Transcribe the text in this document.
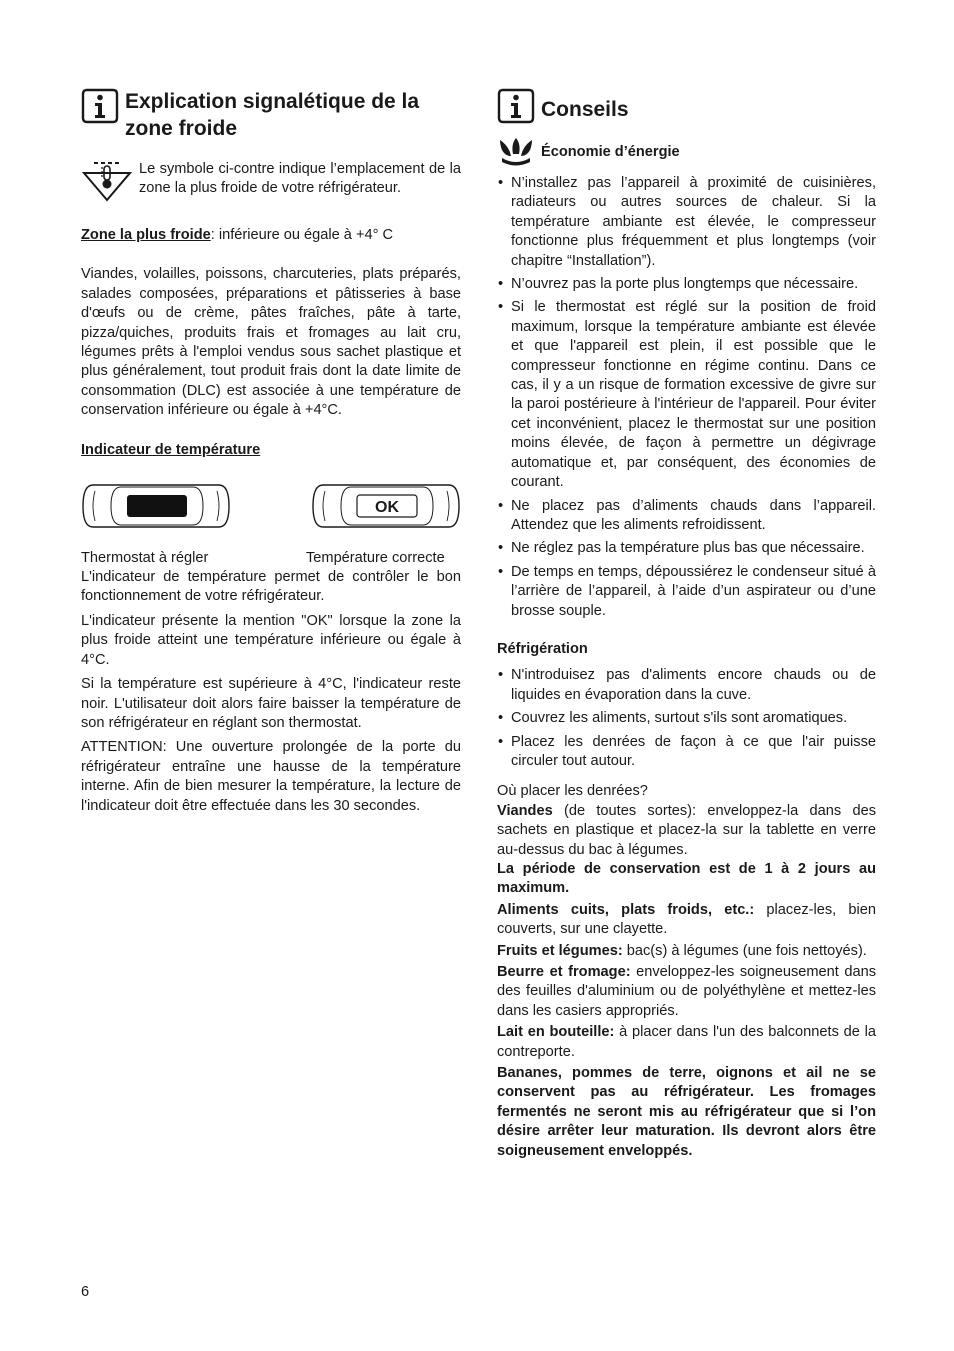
Explication signalétique de la zone froide

Le symbole ci-contre indique l’emplacement de la zone la plus froide de votre réfrigérateur.

Zone la plus froide: inférieure ou égale à +4° C

Viandes, volailles, poissons, charcuteries, plats préparés, salades composées, préparations et pâtisseries à base d'œufs ou de crème, pâtes fraîches, pâte à tarte, pizza/quiches, produits frais et fromages au lait cru, légumes prêts à l'emploi vendus sous sachet plastique et plus généralement, tout produit frais dont la date limite de consommation (DLC) est associée à une température de conservation inférieure ou égale à +4°C.

Indicateur de température

OK
Thermostat à régler	Température correcte

L'indicateur de température permet de contrôler le bon fonctionnement de votre réfrigérateur.

L'indicateur présente la mention "OK" lorsque la zone la plus froide atteint une température inférieure ou égale à 4°C.

Si la température est supérieure à 4°C, l'indicateur reste noir. L'utilisateur doit alors faire baisser la température de son réfrigérateur en réglant son thermostat.

ATTENTION: Une ouverture prolongée de la porte du réfrigérateur entraîne une hausse de la température interne. Afin de bien mesurer la température, la lecture de l'indicateur doit être effectuée dans les 30 secondes.

Conseils
Économie d’énergie
• N’installez pas l’appareil à proximité de cuisinières, radiateurs ou autres sources de chaleur. Si la température ambiante est élevée, le compresseur fonctionne plus fréquemment et plus longtemps (voir chapitre “Installation”).
• N’ouvrez pas la porte plus longtemps que nécessaire.
• Si le thermostat est réglé sur la position de froid maximum, lorsque la température ambiante est élevée et que l'appareil est plein, il est possible que le compresseur fonctionne en régime continu. Dans ce cas, il y a un risque de formation excessive de givre sur la paroi postérieure à l'intérieur de l'appareil. Pour éviter cet inconvénient, placez le thermostat sur une position moins élevée, de façon à permettre un dégivrage automatique et, par conséquent, des économies de courant.
• Ne placez pas d’aliments chauds dans l’appareil. Attendez que les aliments refroidissent.
• Ne réglez pas la température plus bas que nécessaire.
• De temps en temps, dépoussiérez le condenseur situé à l’arrière de l’appareil, à l’aide d’un aspirateur ou d’une brosse souple.

Réfrigération

• N'introduisez pas d'aliments encore chauds ou de liquides en évaporation dans la cuve.
• Couvrez les aliments, surtout s'ils sont aromatiques.
• Placez les denrées de façon à ce que l'air puisse circuler tout autour.

Où placer les denrées?

Viandes (de toutes sortes): enveloppez-la dans des sachets en plastique et placez-la sur la tablette en verre au-dessus du bac à légumes.

La période de conservation est de 1 à 2 jours au maximum.

Aliments cuits, plats froids, etc.: placez-les, bien couverts, sur une clayette.

Fruits et légumes: bac(s) à légumes (une fois nettoyés).

Beurre et fromage: enveloppez-les soigneusement dans des feuilles d'aluminium ou de polyéthylène et mettez-les dans les casiers appropriés.

Lait en bouteille: à placer dans l'un des balconnets de la contreporte.

Bananes, pommes de terre, oignons et ail ne se conservent pas au réfrigérateur. Les fromages fermentés ne seront mis au réfrigérateur que si l’on désire arrêter leur maturation. Ils devront alors être soigneusement enveloppés.

6
